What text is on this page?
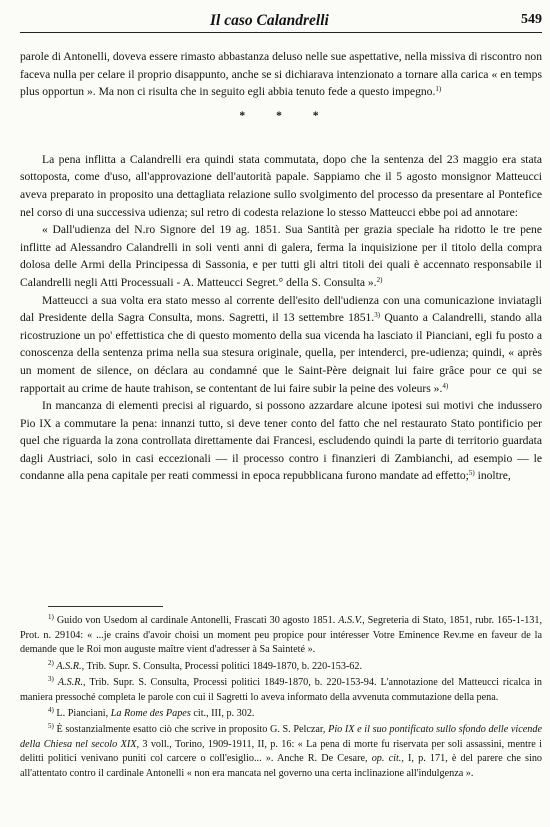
Il caso Calandrelli	549

parole di Antonelli, doveva essere rimasto abbastanza deluso nelle sue aspettative, nella missiva di riscontro non faceva nulla per celare il proprio disappunto, anche se si dichiarava intenzionato a tornare alla carica « en temps plus opportun ». Ma non ci risulta che in seguito egli abbia tenuto fede a questo impegno.$^{1)}$

* * *

La pena inflitta a Calandrelli era quindi stata commutata, dopo che la sentenza del 23 maggio era stata sottoposta, come d'uso, all'approvazione dell'autorità papale. Sappiamo che il 5 agosto monsignor Matteucci aveva preparato in proposito una dettagliata relazione sullo svolgimento del processo da presentare al Pontefice nel corso di una successiva udienza; sul retro di codesta relazione lo stesso Matteucci ebbe poi ad annotare:

« Dall'udienza del N.ro Signore del 19 ag. 1851. Sua Santità per grazia speciale ha ridotto le tre pene inflitte ad Alessandro Calandrelli in soli venti anni di galera, ferma la inquisizione per il titolo della compra dolosa delle Armi della Principessa di Sassonia, e per tutti gli altri titoli dei quali è accennato responsabile il Calandrelli negli Atti Processuali - A. Matteucci Segret.° della S. Consulta ».$^{2)}$

Matteucci a sua volta era stato messo al corrente dell'esito dell'udienza con una comunicazione inviatagli dal Presidente della Sagra Consulta, mons. Sagretti, il 13 settembre 1851.$^{3)}$ Quanto a Calandrelli, stando alla ricostruzione un po' effettistica che di questo momento della sua vicenda ha lasciato il Pianciani, egli fu posto a conoscenza della sentenza prima nella sua stesura originale, quella, per intenderci, pre-udienza; quindi, « après un moment de silence, on déclara au condamné que le Saint-Père deignait lui faire grâce pour ce qui se rapportait au crime de haute trahison, se contentant de lui faire subir la peine des voleurs ».$^{4)}$

In mancanza di elementi precisi al riguardo, si possono azzardare alcune ipotesi sui motivi che indussero Pio IX a commutare la pena: innanzi tutto, si deve tener conto del fatto che nel restaurato Stato pontificio per quel che riguarda la zona controllata direttamente dai Francesi, escludendo quindi la parte di territorio guardata dagli Austriaci, solo in casi eccezionali — il processo contro i finanzieri di Zambianchi, ad esempio — le condanne alla pena capitale per reati commessi in epoca repubblicana furono mandate ad effetto;$^{5)}$ inoltre,

$^{1)}$ Guido von Usedom al cardinale Antonelli, Frascati 30 agosto 1851. A.S.V., Segreteria di Stato, 1851, rubr. 165-1-131, Prot. n. 29104: « ...je crains d'avoir choisi un moment peu propice pour intéresser Votre Eminence Rev.me en faveur de la demande que le Roi mon auguste maître vient d'adresser à Sa Sainteté ».

$^{2)}$ A.S.R., Trib. Supr. S. Consulta, Processi politici 1849-1870, b. 220-153-62.

$^{3)}$ A.S.R., Trib. Supr. S. Consulta, Processi politici 1849-1870, b. 220-153-94. L'annotazione del Matteucci ricalca in maniera pressoché completa le parole con cui il Sagretti lo aveva informato della avvenuta commutazione della pena.

$^{4)}$ L. Pianciani, La Rome des Papes cit., III, p. 302.

$^{5)}$ È sostanzialmente esatto ciò che scrive in proposito G. S. Pelczar, Pio IX e il suo pontificato sullo sfondo delle vicende della Chiesa nel secolo XIX, 3 voll., Torino, 1909-1911, II, p. 16: « La pena di morte fu riservata per soli assassini, mentre i delitti politici venivano puniti col carcere o coll'esiglio... ». Anche R. De Cesare, op. cit., I, p. 171, è del parere che sino all'attentato contro il cardinale Antonelli « non era mancata nel governo una certa inclinazione all'indulgenza ».
